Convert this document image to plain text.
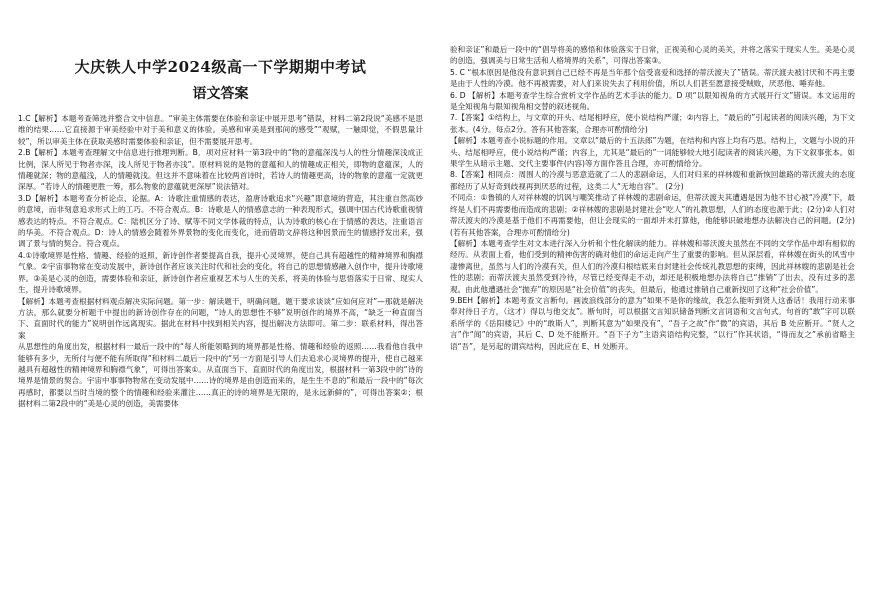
大庆铁人中学2024级高一下学期期中考试
语文答案

1.C【解析】本题考查筛选并整合文中信息。“审美主体需要在体验和亲证中展开思考”错误，材料二第2段说“美感不是思维的结果……它直接源于审美经验中对于美和意义的体验。美感和审美是到那间的感受”“观赋，一触即觉，不假思量计较”，所以审美主体在获取美感时需要体验和亲证，但不需要展开思考。

2.B【解析】本题考查理解文中信息进行推理判断。B．项对应材料一第3段中的“物的意蕴深浅与人的性分情趣深浅成正比例，深人所见于物者亦深，浅人所见于物者亦浅”。原材料说的是物的意蕴和人的情趣成正相关，即物的意蕴深，人的情趣就深；物的意蕴浅，人的情趣就浅。但这并不意味着在比较两首诗时，若诗人的情趣更高，诗的物象的意蕴一定就更深厚。“若诗人的情趣更胜一筹，那么物象的意蕴就更深厚”说法错对。

3.D【解析】本题考查分析论点、论据。A：诗歌注重情感的表达，盈唐诗歌追求“兴趣”即意境的营造，其注重自然高妙的意境，而非刻意追求形式上的工巧。不符合观点。B：诗歌是人的情感意志的一种表现形式，强调中国古代诗歌重视情感表达的特点。不符合观点。C：陆机区分了诗、赋等不同文学体裁的特点，认为诗歌的核心在于情感的表达，注重语言的华美。不符合观点。D：诗人的情感会随着外界景物的变化而变化，进而借助文辞将这种因景而生的情感抒发出来，强调了景与情的契合。符合观点。

4.①诗歌境界是性格、情趣、经验的返照，新诗创作者要提高自我，提升心灵境界，使自己具有超越性的精神境界和胸襟气象。②宇宙事物常在变动发展中，新诗创作者应该关注时代和社会的变化，将自己的思想情感融入创作中，提升诗歌境界。③美是心灵的创造，需要体验和亲证，新诗创作者应重视艺术与人生的关系，将美的体验与思悟落实于日常、现实人生，提升诗歌境界。

【解析】本题考查根据材料观点解决实际问题。第一步：解读题干，明确问题。题干要求谈谈“应如何应对”—那就是解决方法，那么就要分析题干中提出的新诗创作存在的问题，“诗人的思想性不够”说明创作的境界不高，“缺乏一种直面当下、直面时代的能力”说明创作远离现实。据此在材料中找到相关内容，提出解决方法即可。第二步：联系材料，得出答案

从思想性的角度出发，根据材料一最后一段中的“每人所能领略到的境界都是性格、情趣和经验的返照……我看他自我中能够有多少，无所付与便不能有所取得”和材料二最后一段中的“另一方面是引导人们去追求心灵境界的提升，使自己越来越具有超越性的精神境界和胸襟气象”，可得出答案①。从直面当下、直面时代的角度出发，根据材料一第3段中的“诗的境界是情景的契合。宇宙中事事物物常在变动发展中……诗的境界是由创造而来的，是生生不息的”和最后一段中的“每次再感时，都要以当时当境的整个的情趣和经验来灌注……真正的诗的境界是无限的，是永远新鲜的”，可得出答案②；根据材料二第2段中的“美是心灵的创造，美需要体

验和亲证”和最后一段中的“倡导将美的感悟和体验落实于日常，正视美和心灵的美关，并将之落实于现实人生。美是心灵的创造，强调美与日常生活和人格境界的关系”，可得出答案③。

5. C “根本原因是他没有意识到自己已经不再是当年那个信受喜爱和选择的蒂沃渡夫了”错误。蒂沃渡夫被讨厌和不再主要是由于人性的冷漠。他不再被需要，对人们来说失去了利用价值，所以人们甚至愿意接受贼败，厌恶他、唾弃他。

6. D 【解析】本题考查学生综合赏析文学作品的艺术手法的能力。D 项“以限知视角的方式展开行文”错误。本文运用的是全知视角与限知视角相交替的叙述视角。

7.【答案】①结构上，与文章的开头、结尾相呼应，使小说结构严谨；②内容上，“最后的”引起读者的阅读兴趣，为下文张本。(4分。每点2分。答有其他答案，合理亦可酌情给分)

【解析】本题考查小说标题的作用。文章以“最后的十五法郎”为题，在结构和内容上均有巧思。结构上，文题与小说的开头、结尾相呼应，使小说结构严谨；内容上，尤其是“最后的”一词能够较大地引起读者的阅读兴趣，为下文叙事张本。如果学生从暗示主题、交代主要事件(内容)等方面作答且合理，亦可酌情给分。

8.【答案】相同点：周围人的冷漠与恶意造就了二人的悲剧命运，人们对归来的祥林嫂和重新恢回雄路的蒂沃渡夫的态度都经历了从好奇到歧视再到厌恶的过程，这类二人“无地自容”。 (2分)

不同点：①鲁镇的人对祥林嫂的饥讽与嘲笑推动了祥林嫂的悲剧命运，但蒂沃渡夫其遭遇是因为他不甘心被“冷漠”下，最终是人们不再需要他而造成的悲剧；②祥林嫂的悲剧是封建社会“吃人”的礼教思想，人们的态度也源于此；(2分)②人们对蒂沃渡夫的冷漠是基于他们不再需要他，但让会现实的一面却并未打算他，他能够识破地想办法解决自己的问题。(2分)(若有其他答案，合理亦可酌情给分)

【解析】本题考查学生对文本进行深入分析和个性化解读的能力。祥林嫂和蒂沃渡夫虽然在不同的文学作品中却有相似的经历。从表面上看，他们受到的精神伤害的确对他们的命运走向产生了重要的影响。但从深层看，祥林嫂在街头的风雪中凄惨离世，虽然与人们的冷漠有关，但人们的冷漠归根结底来自封建社会传统礼教思想的束缚，因此祥林嫂的悲剧是社会性的悲剧；而蒂沃渡夫虽然受到冷待，尽管已经变得走不动，却还是积极地想办法将自己“推销”了出去，没有过多的悲观。由此他遭遇社会“抛弃”的原因是“社会价值”的丧失，但最后，他通过推销自己重新找回了这种“社会价值”。

9.BEH【解析】本题考查文言断句。画波浪线部分的意为“如果不是你的缘故，我怎么能听到贤人这番话！我用行动来事奉对待日子方，（这才）得以与他交友”。断句时，可以根据文言知识储备判断文言词语和文言句式。句首的“敢”字可以联系所学的《岳阳楼记》中的“敢斯人”，判断其意为“如果没有”，“吾子之故”作“微”的宾语，其后 B 处应断开。“贤人之言”作“闻”的宾语，其后 C、D 处不能断开。“吾下子方”主语宾语结构完整，“以行”作其状语，“得而友之”承前省略主语“吾”，是另起的谓宾结构，因此应在 E、H 处断开。
